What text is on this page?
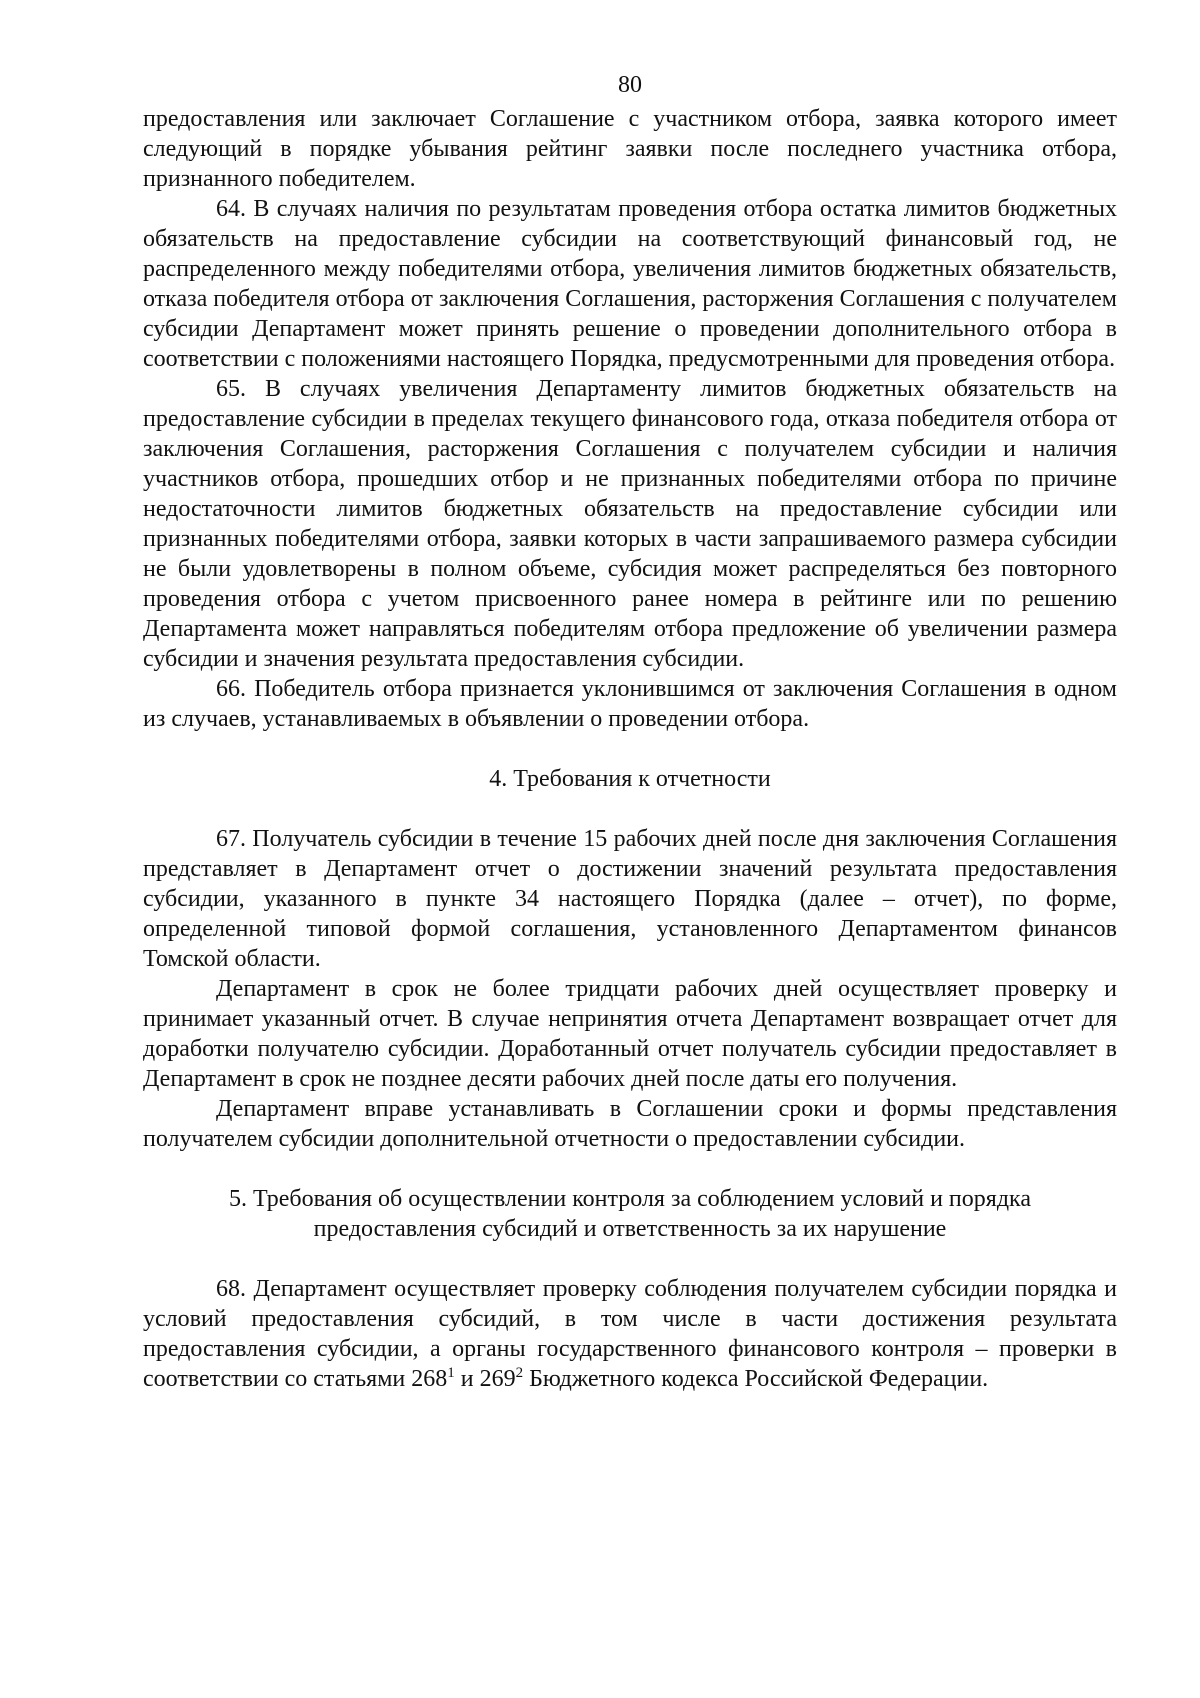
80

предоставления или заключает Соглашение с участником отбора, заявка которого имеет следующий в порядке убывания рейтинг заявки после последнего участника отбора, признанного победителем.

64. В случаях наличия по результатам проведения отбора остатка лимитов бюджетных обязательств на предоставление субсидии на соответствующий финансовый год, не распределенного между победителями отбора, увеличения лимитов бюджетных обязательств, отказа победителя отбора от заключения Соглашения, расторжения Соглашения с получателем субсидии Департамент может принять решение о проведении дополнительного отбора в соответствии с положениями настоящего Порядка, предусмотренными для проведения отбора.

65. В случаях увеличения Департаменту лимитов бюджетных обязательств на предоставление субсидии в пределах текущего финансового года, отказа победителя отбора от заключения Соглашения, расторжения Соглашения с получателем субсидии и наличия участников отбора, прошедших отбор и не признанных победителями отбора по причине недостаточности лимитов бюджетных обязательств на предоставление субсидии или признанных победителями отбора, заявки которых в части запрашиваемого размера субсидии не были удовлетворены в полном объеме, субсидия может распределяться без повторного проведения отбора с учетом присвоенного ранее номера в рейтинге или по решению Департамента может направляться победителям отбора предложение об увеличении размера субсидии и значения результата предоставления субсидии.

66. Победитель отбора признается уклонившимся от заключения Соглашения в одном из случаев, устанавливаемых в объявлении о проведении отбора.

4. Требования к отчетности

67. Получатель субсидии в течение 15 рабочих дней после дня заключения Соглашения представляет в Департамент отчет о достижении значений результата предоставления субсидии, указанного в пункте 34 настоящего Порядка (далее – отчет), по форме, определенной типовой формой соглашения, установленного Департаментом финансов Томской области.

Департамент в срок не более тридцати рабочих дней осуществляет проверку и принимает указанный отчет. В случае непринятия отчета Департамент возвращает отчет для доработки получателю субсидии. Доработанный отчет получатель субсидии предоставляет в Департамент в срок не позднее десяти рабочих дней после даты его получения.

Департамент вправе устанавливать в Соглашении сроки и формы представления получателем субсидии дополнительной отчетности о предоставлении субсидии.

5. Требования об осуществлении контроля за соблюдением условий и порядка
предоставления субсидий и ответственность за их нарушение

68. Департамент осуществляет проверку соблюдения получателем субсидии порядка и условий предоставления субсидий, в том числе в части достижения результата предоставления субсидии, а органы государственного финансового контроля – проверки в соответствии со статьями $268^1$ и $269^2$ Бюджетного кодекса Российской Федерации.
